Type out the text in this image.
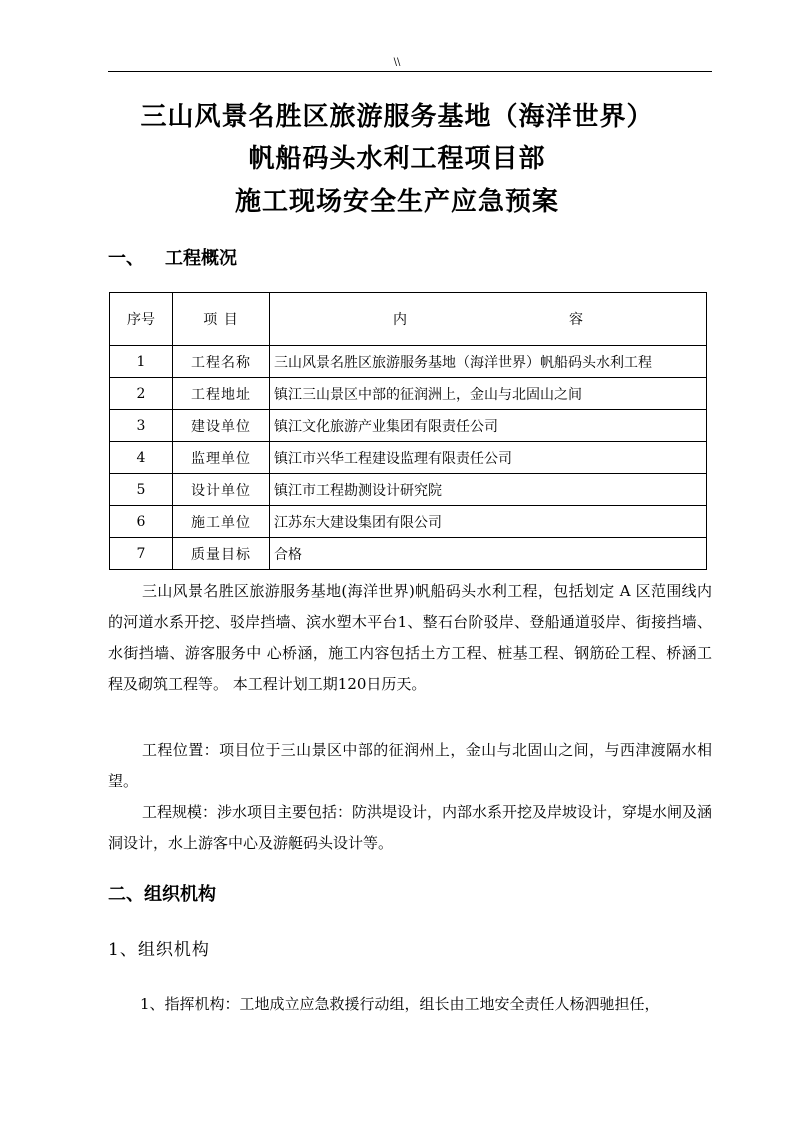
\\
三山风景名胜区旅游服务基地（海洋世界）
帆船码头水利工程项目部
施工现场安全生产应急预案
一、 工程概况
序号	项 目	内 容
1	工程名称	三山风景名胜区旅游服务基地（海洋世界）帆船码头水利工程
2	工程地址	镇江三山景区中部的征润洲上，金山与北固山之间
3	建设单位	镇江文化旅游产业集团有限责任公司
4	监理单位	镇江市兴华工程建设监理有限责任公司
5	设计单位	镇江市工程勘测设计研究院
6	施工单位	江苏东大建设集团有限公司
7	质量目标	合格
三山风景名胜区旅游服务基地(海洋世界)帆船码头水利工程，包括划定 A 区范围线内的河道水系开挖、驳岸挡墙、滨水塑木平台1、整石台阶驳岸、登船通道驳岸、街接挡墙、水街挡墙、游客服务中 心桥涵，施工内容包括土方工程、桩基工程、钢筋砼工程、桥涵工程及砌筑工程等。 本工程计划工期120日历天。
工程位置：项目位于三山景区中部的征润州上，金山与北固山之间，与西津渡隔水相望。
工程规模：涉水项目主要包括：防洪堤设计，内部水系开挖及岸坡设计，穿堤水闸及涵洞设计，水上游客中心及游艇码头设计等。
二、组织机构
1、组织机构
1、指挥机构：工地成立应急救援行动组，组长由工地安全责任人杨泗驰担任，
